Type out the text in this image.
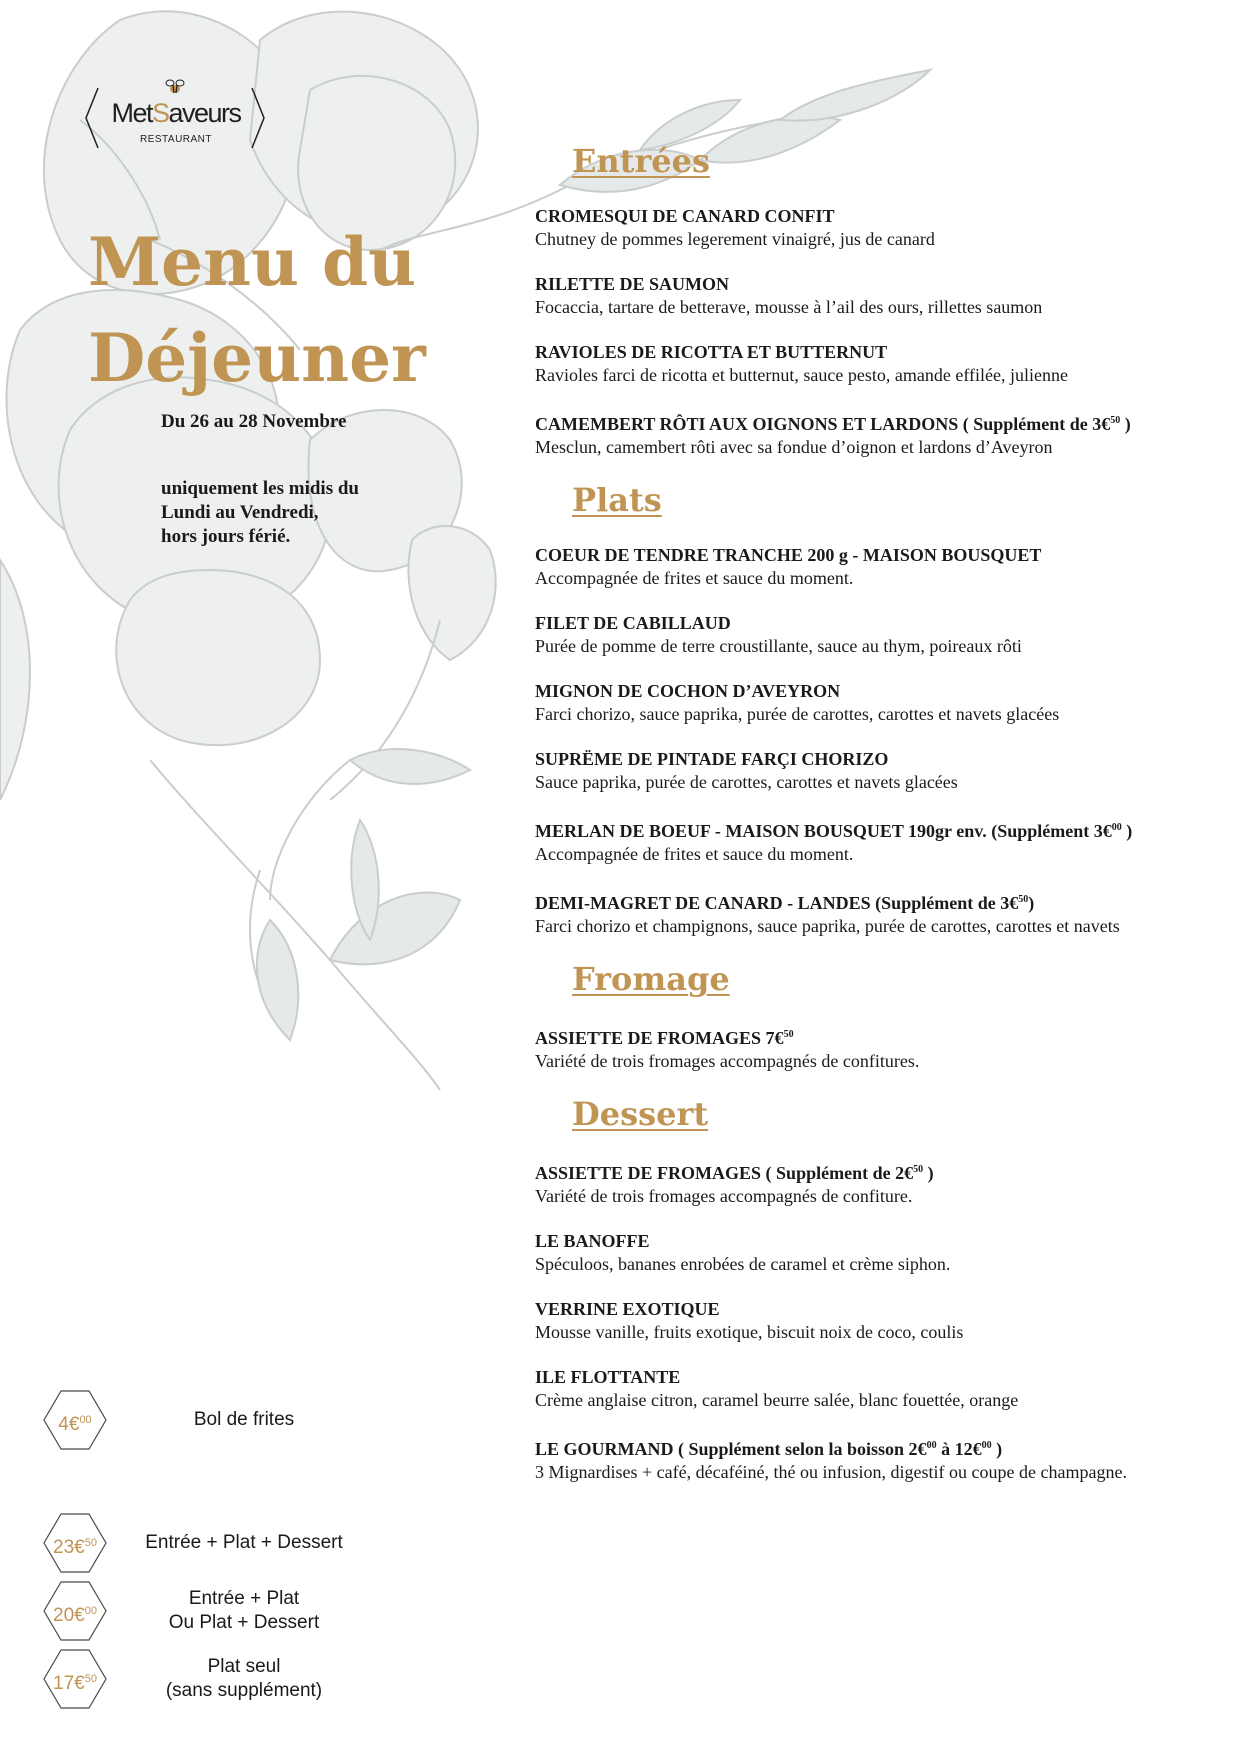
MetSaveurs
RESTAURANT
Menu du
Déjeuner
Du 26 au 28 Novembre
uniquement les midis du
Lundi au Vendredi,
hors jours férié.
4€$^{00}$	Bol de frites
23€$^{50}$	Entrée + Plat + Dessert
20€$^{00}$
Entrée + Plat
Ou Plat + Dessert
17€$^{50}$
Plat seul
(sans supplément)
Entrées
CROMESQUI DE CANARD CONFIT
Chutney de pommes legerement vinaigré, jus de canard
RILETTE DE SAUMON
Focaccia, tartare de betterave, mousse à l’ail des ours, rillettes saumon
RAVIOLES DE RICOTTA ET BUTTERNUT
Ravioles farci de ricotta et butternut, sauce pesto, amande effilée, julienne
CAMEMBERT RÔTI AUX OIGNONS ET LARDONS ( Supplément de 3€$^{50}$ )
Mesclun, camembert rôti avec sa fondue d’oignon et lardons d’Aveyron
Plats
COEUR DE TENDRE TRANCHE 200 g - MAISON BOUSQUET
Accompagnée de frites et sauce du moment.
FILET DE CABILLAUD
Purée de pomme de terre croustillante, sauce au thym, poireaux rôti
MIGNON DE COCHON D’AVEYRON
Farci chorizo, sauce paprika, purée de carottes, carottes et navets glacées
SUPRËME DE PINTADE FARÇI CHORIZO
Sauce paprika, purée de carottes, carottes et navets glacées
MERLAN DE BOEUF - MAISON BOUSQUET 190gr env. (Supplément 3€$^{00}$ )
Accompagnée de frites et sauce du moment.
DEMI-MAGRET DE CANARD - LANDES (Supplément de 3€$^{50}$)
Farci chorizo et champignons, sauce paprika, purée de carottes, carottes et navets
Fromage
ASSIETTE DE FROMAGES 7€$^{50}$
Variété de trois fromages accompagnés de confitures.
Dessert
ASSIETTE DE FROMAGES ( Supplément de 2€$^{50}$ )
Variété de trois fromages accompagnés de confiture.
LE BANOFFE
Spéculoos, bananes enrobées de caramel et crème siphon.
VERRINE EXOTIQUE
Mousse vanille, fruits exotique, biscuit noix de coco, coulis
ILE FLOTTANTE
Crème anglaise citron, caramel beurre salée, blanc fouettée, orange
LE GOURMAND ( Supplément selon la boisson 2€$^{00}$ à 12€$^{00}$ )
3 Mignardises + café, décaféiné, thé ou infusion, digestif ou coupe de champagne.
